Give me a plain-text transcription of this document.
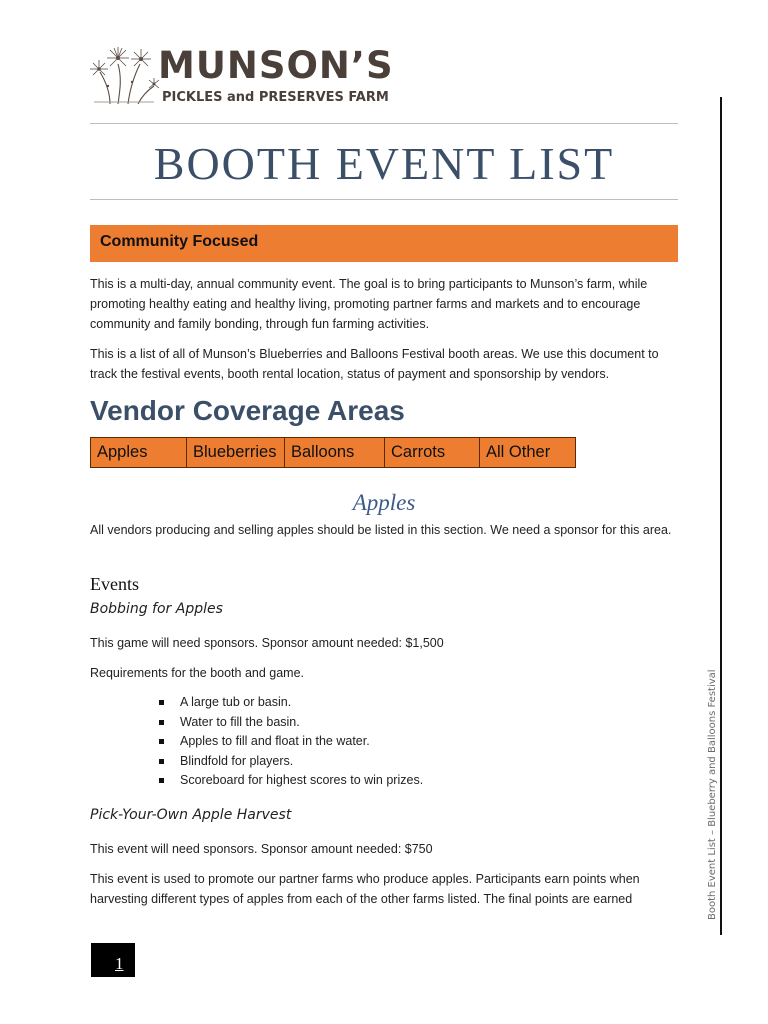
MUNSON’S
PICKLES and PRESERVES FARM
BOOTH EVENT LIST
Community Focused
This is a multi-day, annual community event. The goal is to bring participants to Munson’s farm, while promoting healthy eating and healthy living, promoting partner farms and markets and to encourage community and family bonding, through fun farming activities.
This is a list of all of Munson’s Blueberries and Balloons Festival booth areas. We use this document to track the festival events, booth rental location, status of payment and sponsorship by vendors.
Vendor Coverage Areas
Apples	Blueberries Balloons	Carrots	All Other
Apples
All vendors producing and selling apples should be listed in this section. We need a sponsor for this area.
Events
Bobbing for Apples
This game will need sponsors. Sponsor amount needed: $1,500
Requirements for the booth and game.
A large tub or basin.
Water to fill the basin.
Apples to fill and float in the water.
Blindfold for players.
Scoreboard for highest scores to win prizes.
Pick-Your-Own Apple Harvest
This event will need sponsors. Sponsor amount needed: $750
This event is used to promote our partner farms who produce apples. Participants earn points when harvesting different types of apples from each of the other farms listed. The final points are earned	Booth Event List – Blueberry and Balloons Festival
1
